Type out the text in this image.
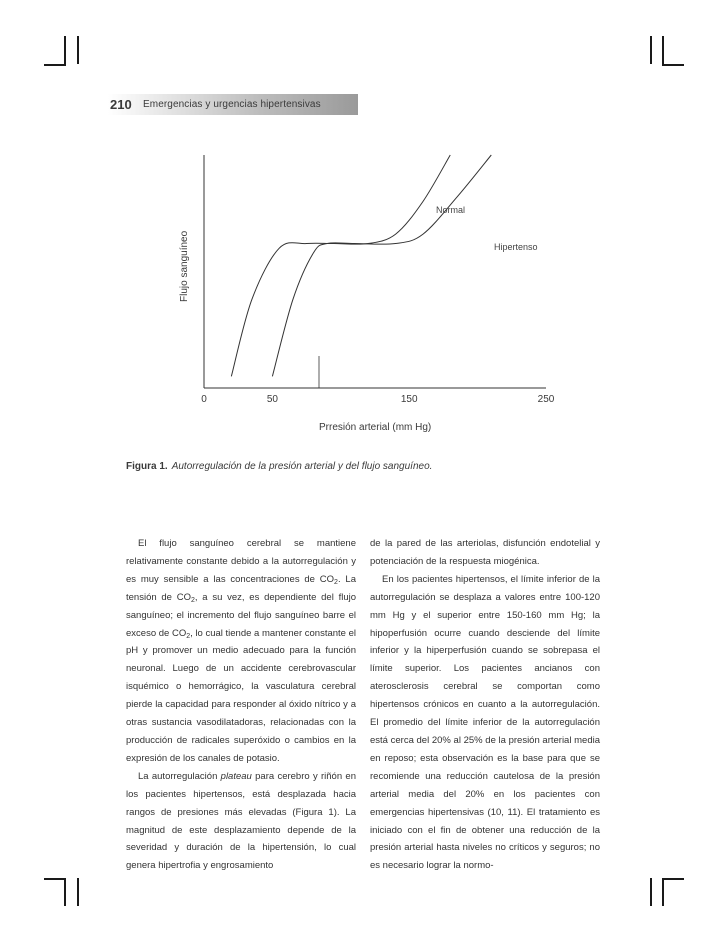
210 Emergencias y urgencias hipertensivas
0	50	150	250
Normal
Hipertenso
Prresión arterial (mm Hg)
Flujo sanguíneo
Figura 1. Autorregulación de la presión arterial y del flujo sanguíneo.

El flujo sanguíneo cerebral se mantiene relativamente constante debido a la autorregulación y es muy sensible a las concentraciones de $CO_2$. La tensión de $CO_2$, a su vez, es dependiente del flujo sanguíneo; el incremento del flujo sanguíneo barre el exceso de $CO_2$, lo cual tiende a mantener constante el pH y promover un medio adecuado para la función neuronal. Luego de un accidente cerebrovascular isquémico o hemorrágico, la vasculatura cerebral pierde la capacidad para responder al óxido nítrico y a otras sustancia vasodilatadoras, relacionadas con la producción de radicales superóxido o cambios en la expresión de los canales de potasio.

La autorregulación plateau para cerebro y riñón en los pacientes hipertensos, está desplazada hacia rangos de presiones más elevadas (Figura 1). La magnitud de este desplazamiento depende de la severidad y duración de la hipertensión, lo cual genera hipertrofia y engrosamiento

de la pared de las arteriolas, disfunción endotelial y potenciación de la respuesta miogénica.

En los pacientes hipertensos, el límite inferior de la autorregulación se desplaza a valores entre 100-120 mm Hg y el superior entre 150-160 mm Hg; la hipoperfusión ocurre cuando desciende del límite inferior y la hiperperfusión cuando se sobrepasa el límite superior. Los pacientes ancianos con aterosclerosis cerebral se comportan como hipertensos crónicos en cuanto a la autorregulación. El promedio del límite inferior de la autorregulación está cerca del 20% al 25% de la presión arterial media en reposo; esta observación es la base para que se recomiende una reducción cautelosa de la presión arterial media del 20% en los pacientes con emergencias hipertensivas (10, 11). El tratamiento es iniciado con el fin de obtener una reducción de la presión arterial hasta niveles no críticos y seguros; no es necesario lograr la normo-
